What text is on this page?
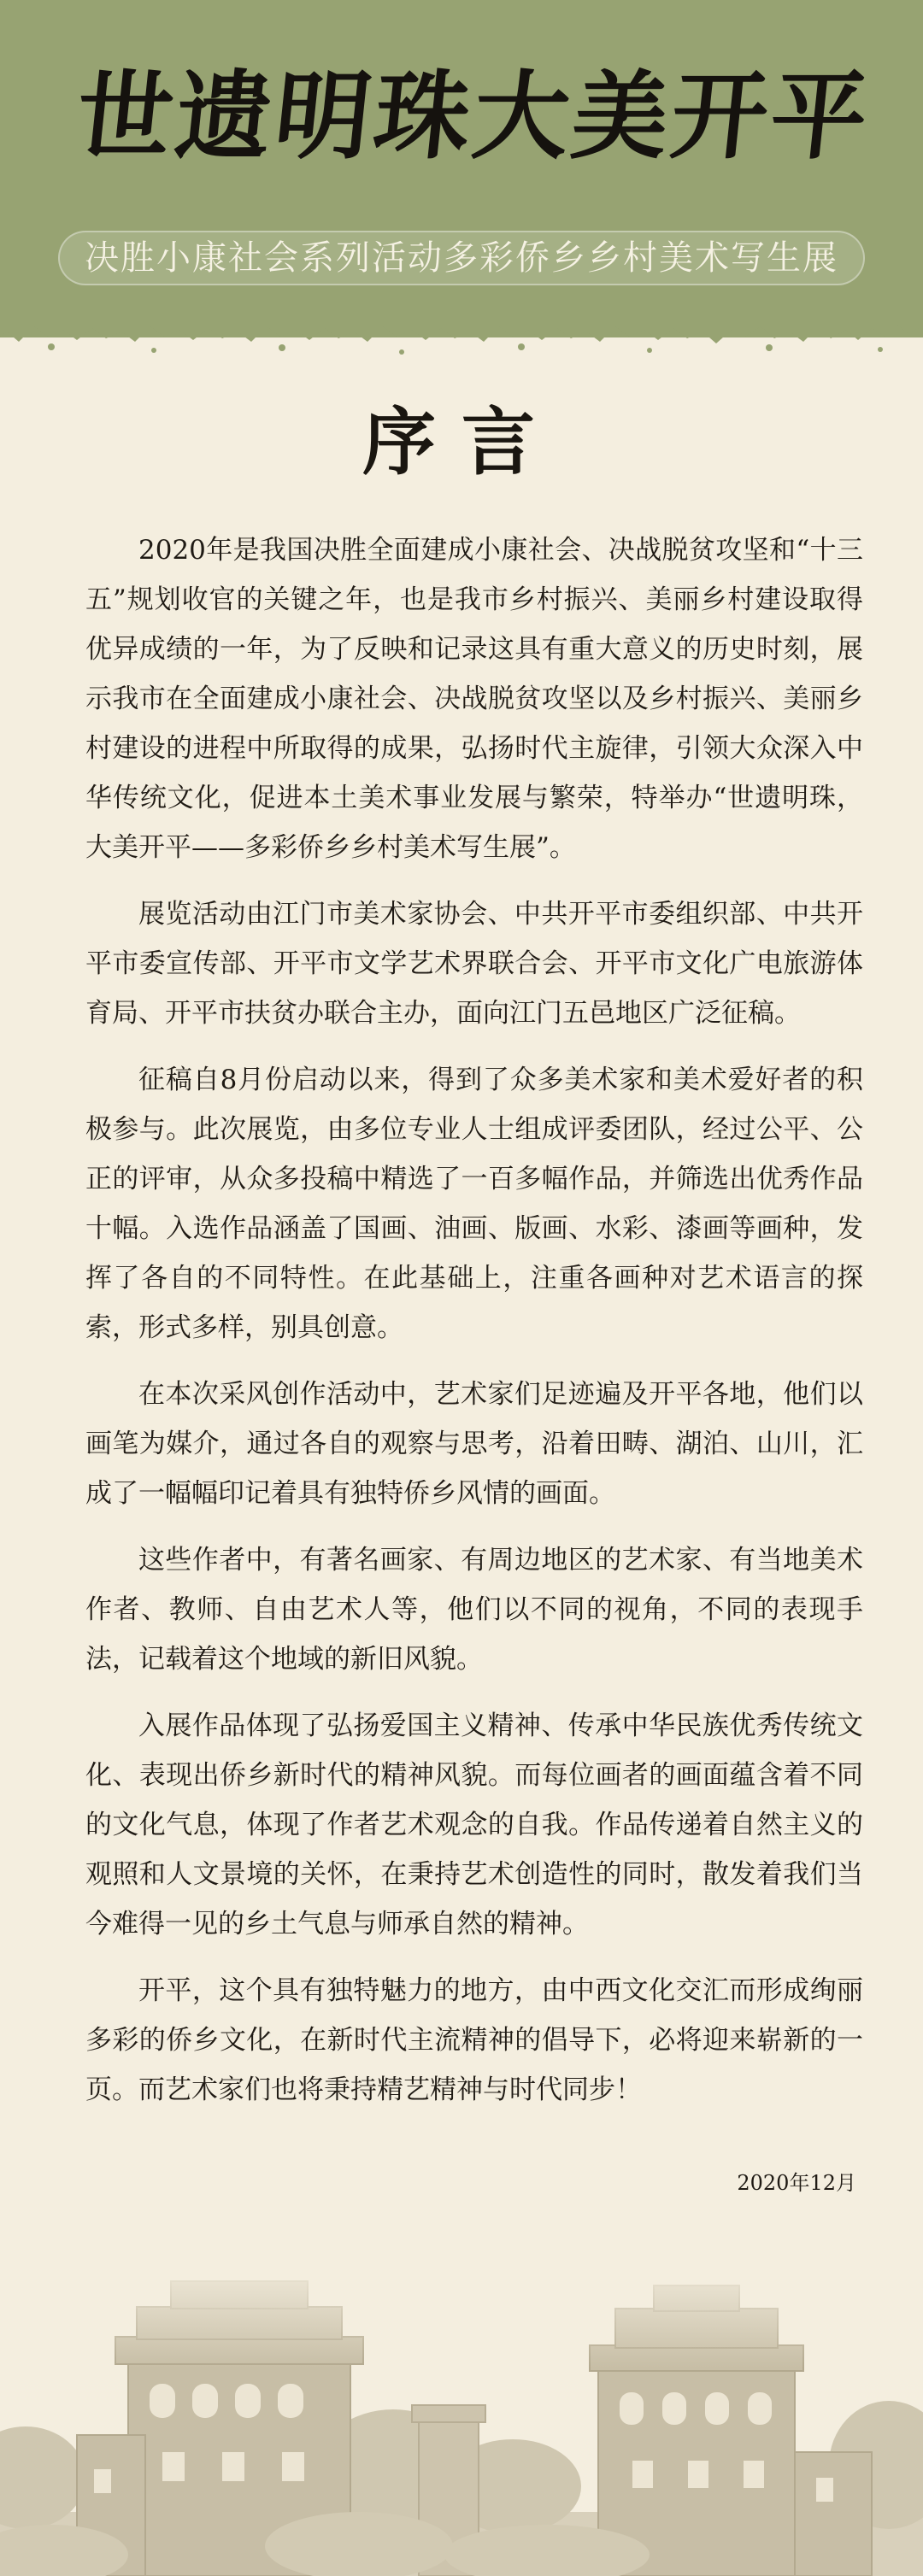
世遗明珠大美开平
决胜小康社会系列活动多彩侨乡乡村美术写生展
序言

2020年是我国决胜全面建成小康社会、决战脱贫攻坚和“十三五”规划收官的关键之年，也是我市乡村振兴、美丽乡村建设取得优异成绩的一年，为了反映和记录这具有重大意义的历史时刻，展示我市在全面建成小康社会、决战脱贫攻坚以及乡村振兴、美丽乡村建设的进程中所取得的成果，弘扬时代主旋律，引领大众深入中华传统文化，促进本土美术事业发展与繁荣，特举办“世遗明珠，大美开平——多彩侨乡乡村美术写生展”。

展览活动由江门市美术家协会、中共开平市委组织部、中共开平市委宣传部、开平市文学艺术界联合会、开平市文化广电旅游体育局、开平市扶贫办联合主办，面向江门五邑地区广泛征稿。

征稿自8月份启动以来，得到了众多美术家和美术爱好者的积极参与。此次展览，由多位专业人士组成评委团队，经过公平、公正的评审，从众多投稿中精选了一百多幅作品，并筛选出优秀作品十幅。入选作品涵盖了国画、油画、版画、水彩、漆画等画种，发挥了各自的不同特性。在此基础上，注重各画种对艺术语言的探索，形式多样，别具创意。

在本次采风创作活动中，艺术家们足迹遍及开平各地，他们以画笔为媒介，通过各自的观察与思考，沿着田畴、湖泊、山川，汇成了一幅幅印记着具有独特侨乡风情的画面。

这些作者中，有著名画家、有周边地区的艺术家、有当地美术作者、教师、自由艺术人等，他们以不同的视角，不同的表现手法，记载着这个地域的新旧风貌。

入展作品体现了弘扬爱国主义精神、传承中华民族优秀传统文化、表现出侨乡新时代的精神风貌。而每位画者的画面蕴含着不同的文化气息，体现了作者艺术观念的自我。作品传递着自然主义的观照和人文景境的关怀，在秉持艺术创造性的同时，散发着我们当今难得一见的乡土气息与师承自然的精神。

开平，这个具有独特魅力的地方，由中西文化交汇而形成绚丽多彩的侨乡文化，在新时代主流精神的倡导下，必将迎来崭新的一页。而艺术家们也将秉持精艺精神与时代同步！

2020年12月
